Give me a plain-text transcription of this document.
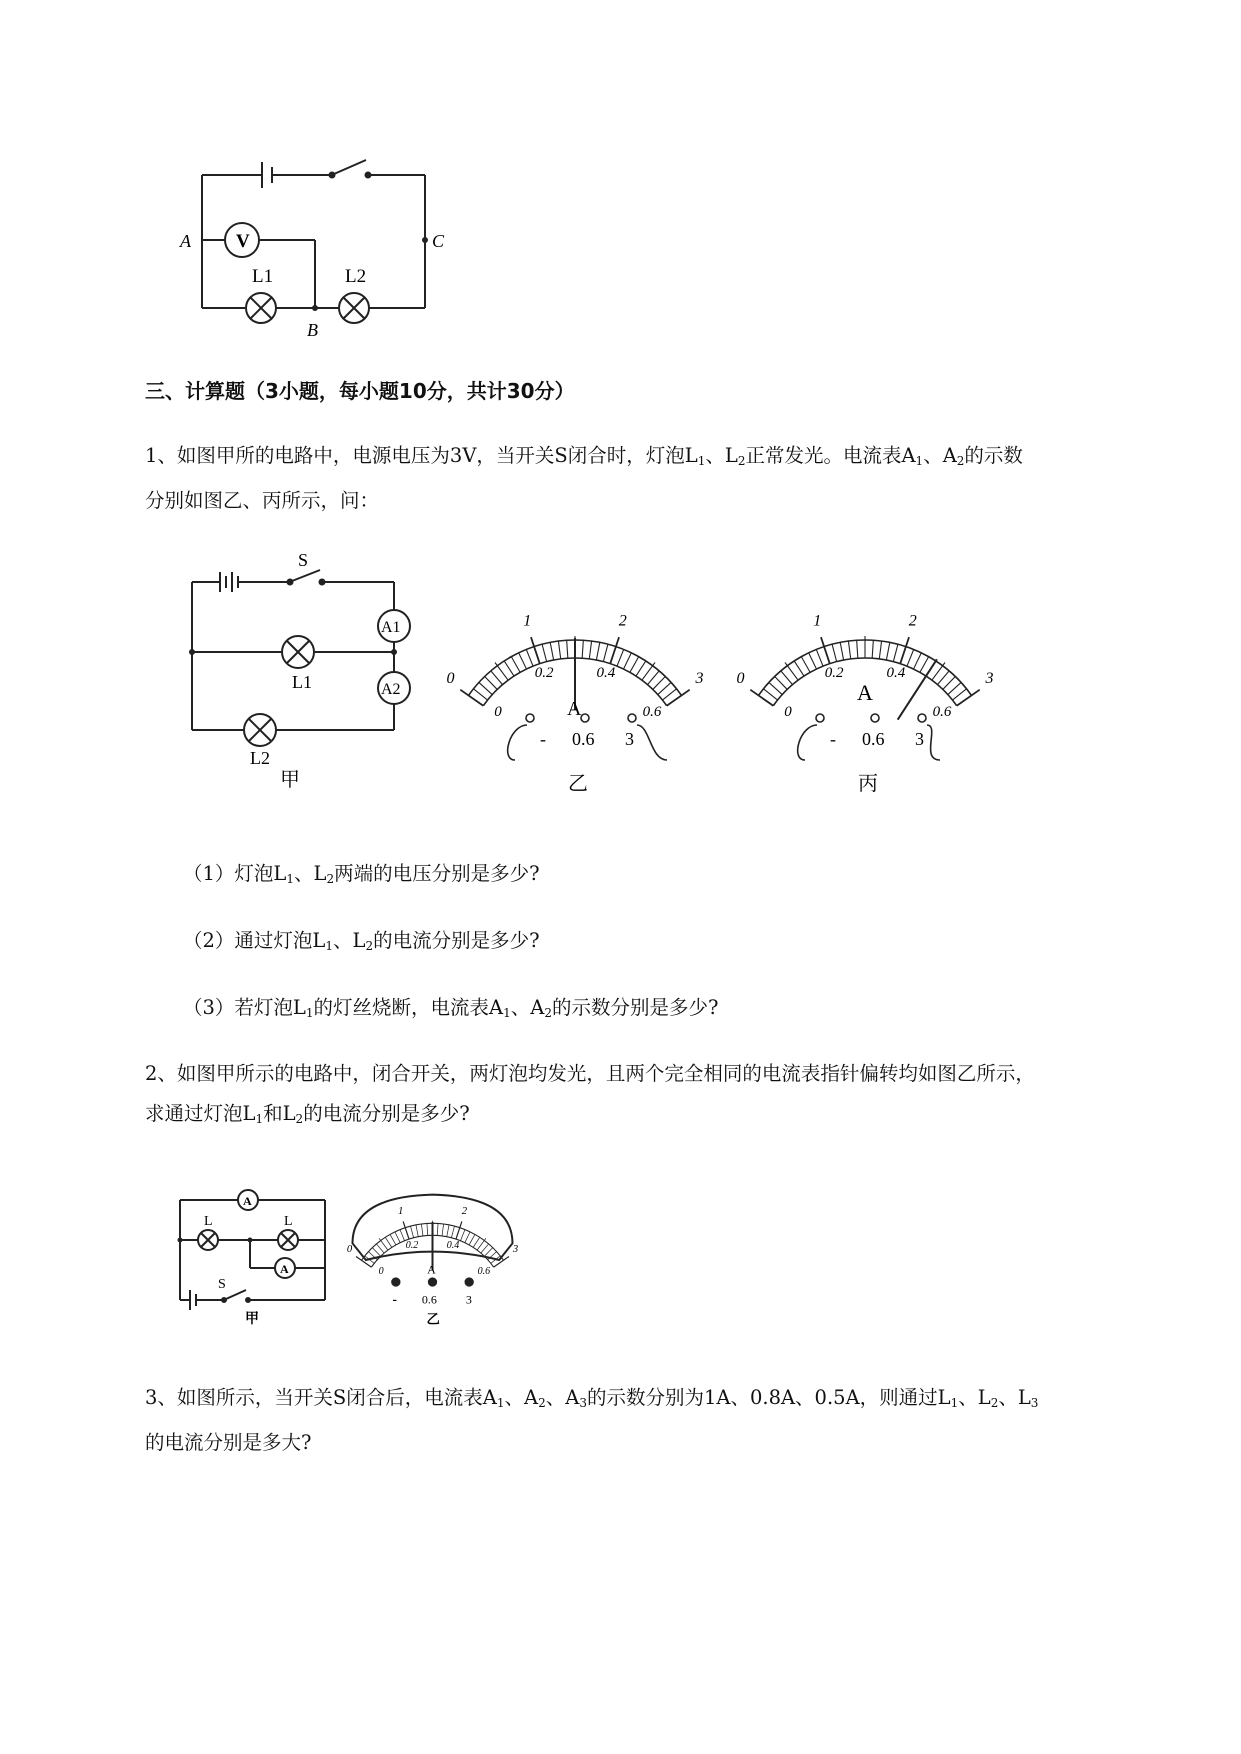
V
A
B
C
L1	L2
三、计算题（3小题，每小题10分，共计30分）
1、如图甲所的电路中，电源电压为3V，当开关S闭合时，灯泡L1、L2正常发光。电流表A1、A2的示数
分别如图乙、丙所示，问：
S
A1
A2
L1
L2
甲
0
1	2
3
0
0.2	0.4
0.6
A
- 0.6 3
乙
0
1	2
3
0
0.2	0.4
0.6
A
- 0.6 3
丙
（1）灯泡L1、L2两端的电压分别是多少?
（2）通过灯泡L1、L2的电流分别是多少?
（3）若灯泡L1的灯丝烧断，电流表A1、A2的示数分别是多少?
2、如图甲所示的电路中，闭合开关，两灯泡均发光，且两个完全相同的电流表指针偏转均如图乙所示，
求通过灯泡L1和L2的电流分别是多少?
A
A
L	L
S
甲
0
1	2
3
0
0.2 0.4
0.6
A
- 0.6 3
乙
3、如图所示，当开关S闭合后，电流表A1、A2、A3的示数分别为1A、0.8A、0.5A，则通过L1、L2、L3
的电流分别是多大?
